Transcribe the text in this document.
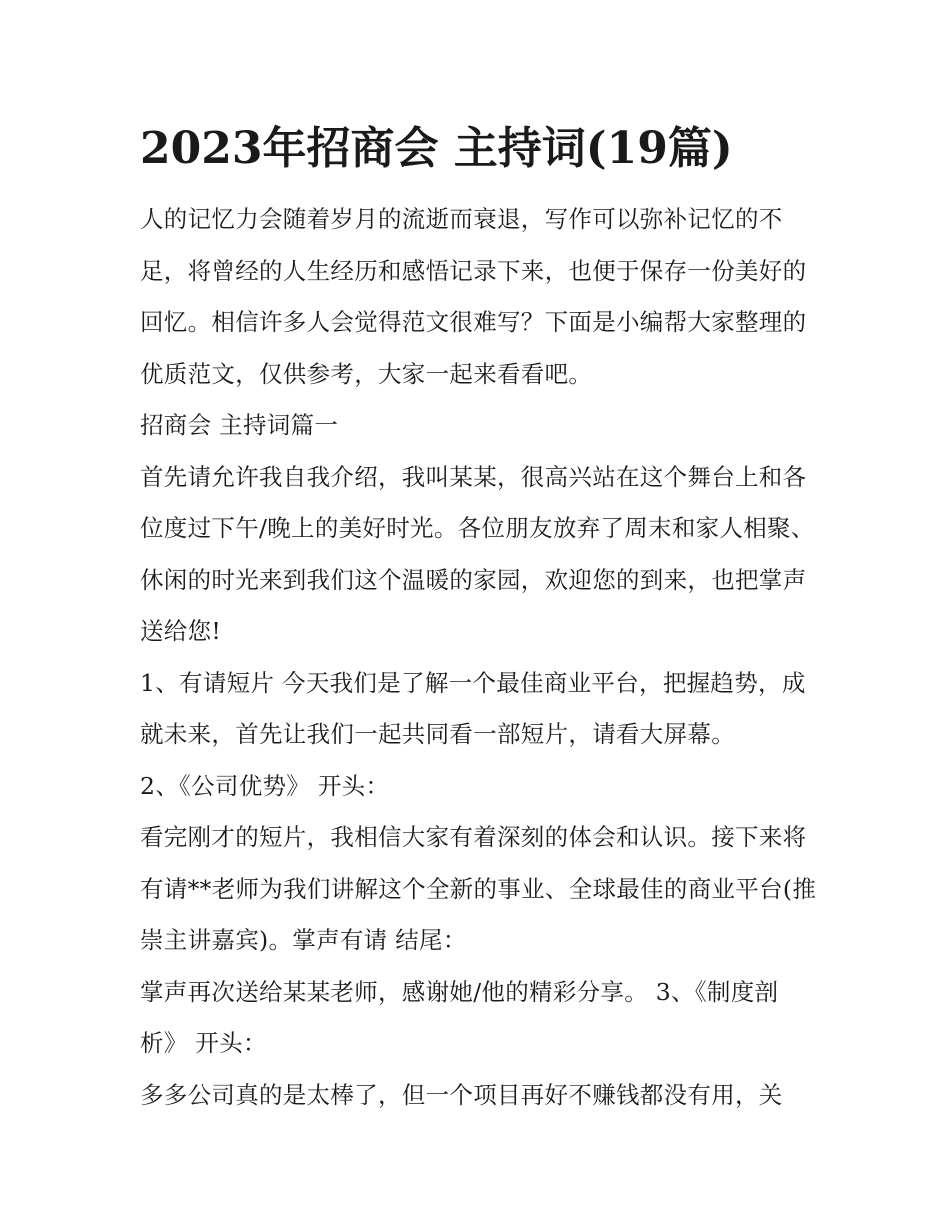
2023年招商会 主持词(19篇)

人的记忆力会随着岁月的流逝而衰退，写作可以弥补记忆的不足，将曾经的人生经历和感悟记录下来，也便于保存一份美好的回忆。相信许多人会觉得范文很难写？下面是小编帮大家整理的优质范文，仅供参考，大家一起来看看吧。

招商会 主持词篇一

首先请允许我自我介绍，我叫某某，很高兴站在这个舞台上和各位度过下午/晚上的美好时光。各位朋友放弃了周末和家人相聚、休闲的时光来到我们这个温暖的家园，欢迎您的到来，也把掌声送给您!

1、有请短片 今天我们是了解一个最佳商业平台，把握趋势，成就未来，首先让我们一起共同看一部短片，请看大屏幕。

2、《公司优势》 开头：

看完刚才的短片，我相信大家有着深刻的体会和认识。接下来将有请**老师为我们讲解这个全新的事业、全球最佳的商业平台(推崇主讲嘉宾)。掌声有请 结尾：

掌声再次送给某某老师，感谢她/他的精彩分享。 3、《制度剖析》 开头：

多多公司真的是太棒了，但一个项目再好不赚钱都没有用，关
